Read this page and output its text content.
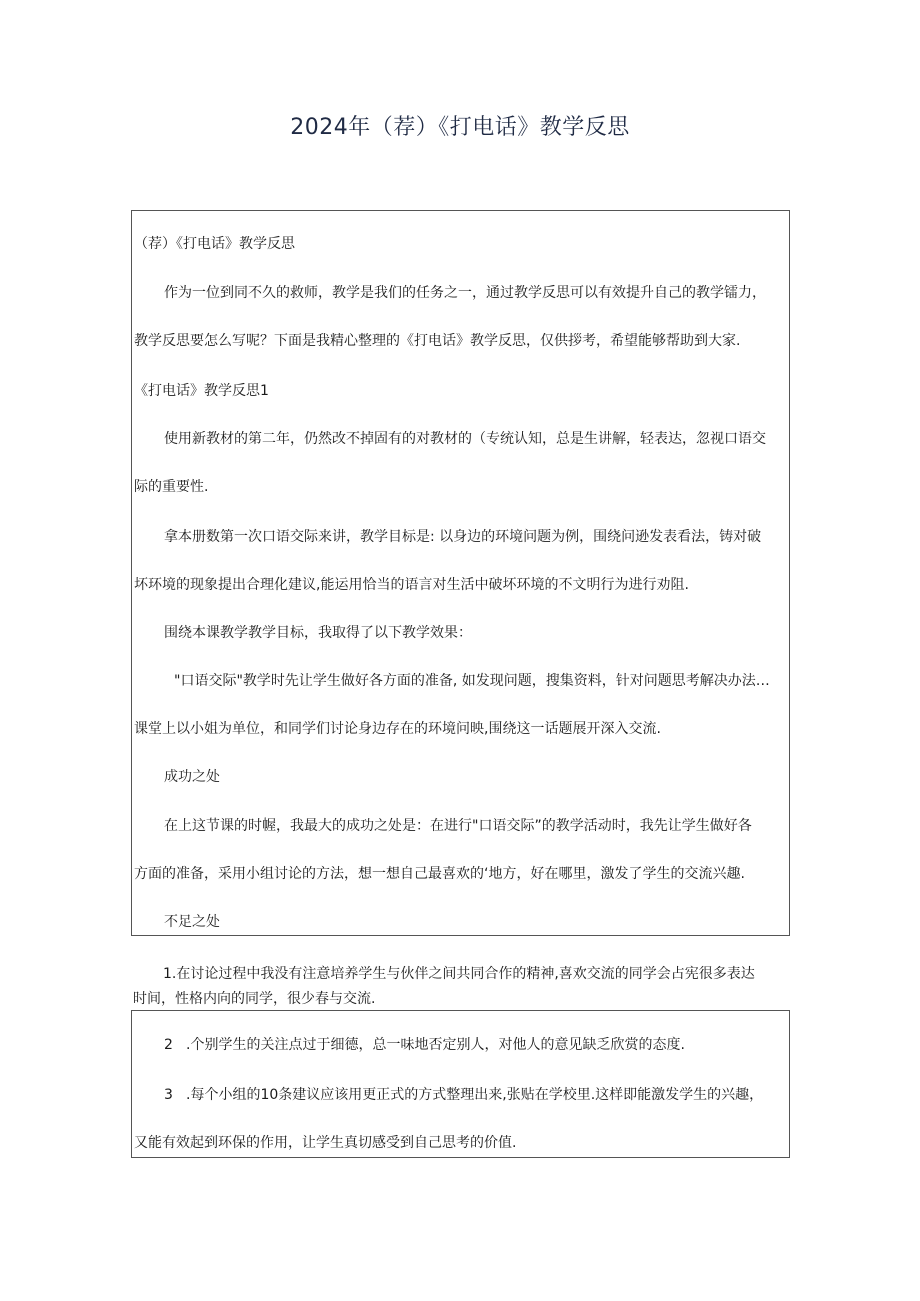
2024年（荐）《打电话》教学反思
（荐）《打电话》教学反思
作为一位到同不久的救师，教学是我们的任务之一，通过教学反思可以有效提升自己的教学镭力，
教学反思要怎么写呢？下面是我精心整理的《打电话》教学反思，仅供拶考，希望能够帮助到大家.
《打电话》教学反思1
使用新教材的第二年，仍然改不掉固有的对教材的（专统认知，总是生讲解，轻表达，忽视口语交
际的重要性.
拿本册数第一次口语交际来讲，教学目标是: 以身边的环境问题为例，围绕问逊发表看法，铸对破
坏环境的现象提出合理化建议,能运用恰当的语言对生活中破坏环境的不文明行为进行劝阻.
围绕本课教学教学目标，我取得了以下教学效果：
"口语交际"教学时先让学生做好各方面的准备, 如发现问题，搜集资料，针对问题思考解决办法…
课堂上以小姐为单位，和同学们讨论身边存在的环境问映,围绕这一话题展开深入交流.
成功之处
在上这节课的时幄，我最大的成功之处是：在进行"口语交际”的教学活动时，我先让学生做好各
方面的准备，采用小组讨论的方法，想一想自己最喜欢的‘地方，好在哪里，激发了学生的交流兴趣.
不足之处
1.在讨论过程中我没有注意培养学生与伙伴之间共同合作的精神,喜欢交流的同学会占宪很多表达
时间，性格内向的同学，很少春与交流.
2 .个别学生的关注点过于细德，总一味地否定别人，对他人的意见缺乏欣赏的态度.
3 .每个小组的10条建议应该用更正式的方式整理出来,张贴在学校里.这样即能激发学生的兴趣，
又能有效起到环保的作用，让学生真切感受到自己思考的价值.
